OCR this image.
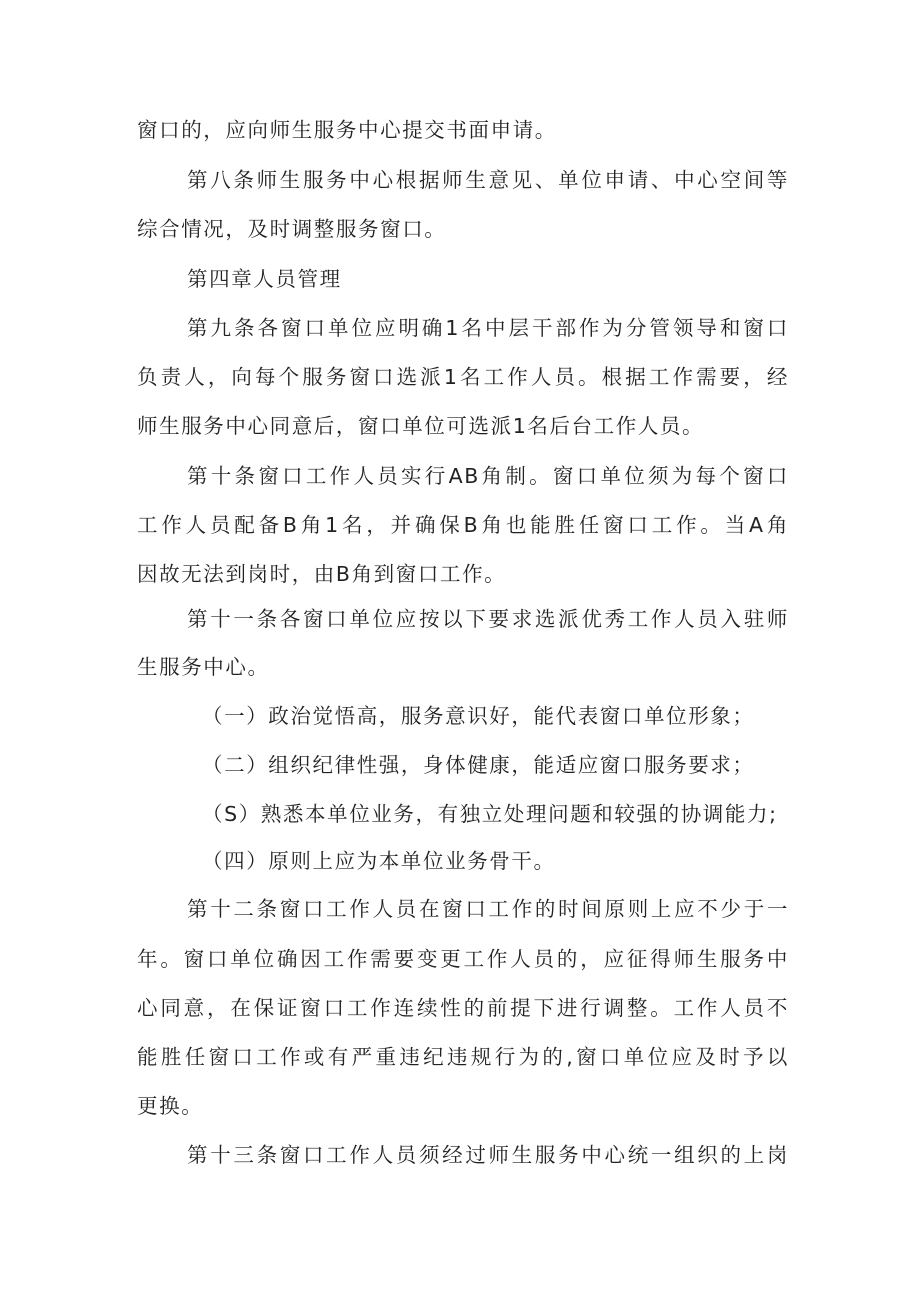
窗口的，应向师生服务中心提交书面申请。
第八条师生服务中心根据师生意见、单位申请、中心空间等
综合情况，及时调整服务窗口。
第四章人员管理
第九条各窗口单位应明确1名中层干部作为分管领导和窗口
负责人，向每个服务窗口选派1名工作人员。根据工作需要，经
师生服务中心同意后，窗口单位可选派1名后台工作人员。
第十条窗口工作人员实行AB角制。窗口单位须为每个窗口
工作人员配备B角1名，并确保B角也能胜任窗口工作。当A角
因故无法到岗时，由B角到窗口工作。
第十一条各窗口单位应按以下要求选派优秀工作人员入驻师
生服务中心。
（一）政治觉悟高，服务意识好，能代表窗口单位形象；
（二）组织纪律性强，身体健康，能适应窗口服务要求；
（S）熟悉本单位业务，有独立处理问题和较强的协调能力;
（四）原则上应为本单位业务骨干。
第十二条窗口工作人员在窗口工作的时间原则上应不少于一
年。窗口单位确因工作需要变更工作人员的，应征得师生服务中
心同意，在保证窗口工作连续性的前提下进行调整。工作人员不
能胜任窗口工作或有严重违纪违规行为的,窗口单位应及时予以
更换。
第十三条窗口工作人员须经过师生服务中心统一组织的上岗
